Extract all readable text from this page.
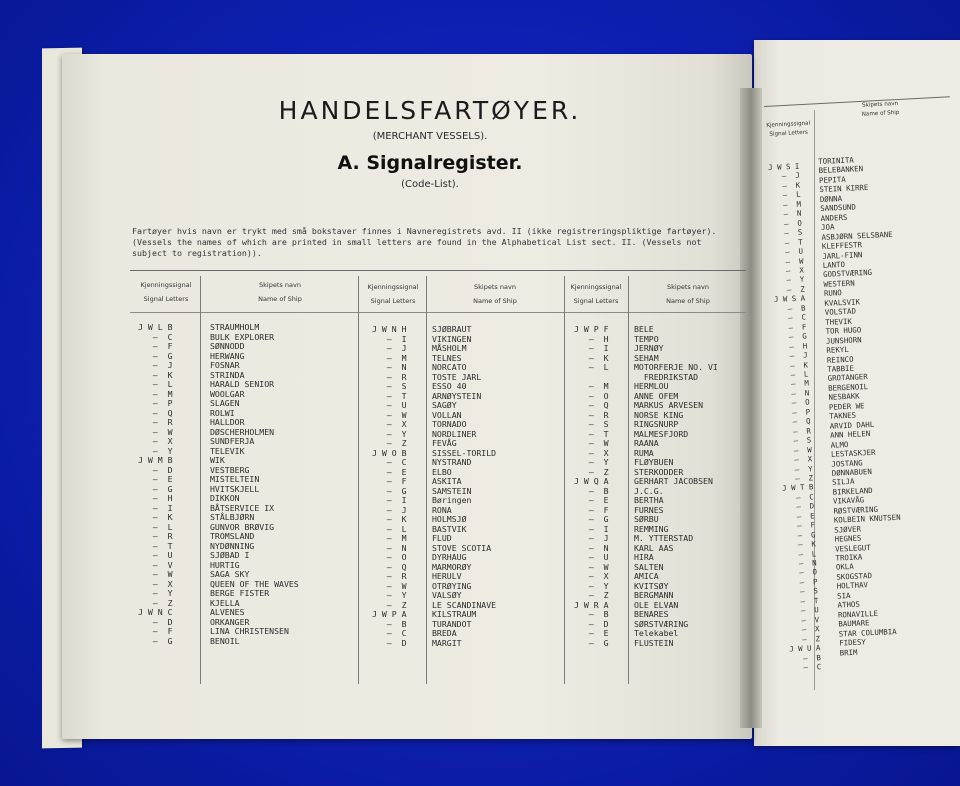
HANDELSFARTØYER.
(MERCHANT VESSELS).
A. Signalregister.
(Code-List).
Fartøyer hvis navn er trykt med små bokstaver finnes i Navneregistrets avd. II (ikke registreringspliktige fartøyer).
(Vessels the names of which are printed in small letters are found in the Alphabetical List sect. II. (Vessels not
subject to registration)).
Kjenningssignal
Signal Letters
Skipets navn
Name of Ship
Kjenningssignal
Signal Letters
Skipets navn
Name of Ship
Kjenningssignal
Signal Letters
Skipets navn
Name of Ship
J W L B
–  C
–  F
–  G
–  J
–  K
–  L
–  M
–  P
–  Q
–  R
–  W
–  X
–  Y
J W M B
–  D
–  E
–  G
–  H
–  I
–  K
–  L
–  R
–  T
–  U
–  V
–  W
–  X
–  Y
–  Z
J W N C
–  D
–  F
–  G
STRAUMHOLM
BULK EXPLORER
SØNNODD
HERWANG
FOSNAR
STRINDA
HARALD SENIOR
WOOLGAR
SLAGEN
ROLWI
HALLDOR
DØSCHERHOLMEN
SUNDFERJA
TELEVIK
WIK
VESTBERG
MISTELTEIN
HVITSKJELL
DIKKON
BÅTSERVICE IX
STÅLBJØRN
GUNVOR BRØVIG
TROMSLAND
NYDØNNING
SJØBAD I
HURTIG
SAGA SKY
QUEEN OF THE WAVES
BERGE FISTER
KJELLA
ALVENES
ORKANGER
LINA CHRISTENSEN
BENOIL
J W N H
–  I
–  J
–  M
–  N
–  R
–  S
–  T
–  U
–  W
–  X
–  Y
–  Z
J W O B
–  C
–  E
–  F
–  G
–  I
–  J
–  K
–  L
–  M
–  N
–  O
–  Q
–  R
–  W
–  Y
–  Z
J W P A
–  B
–  C
–  D
SJØBRAUT
VIKINGEN
MÅSHOLM
TELNES
NORCATO
TOSTE JARL
ESSO 40
ARNØYSTEIN
SAGØY
VOLLAN
TORNADO
NORDLINER
FEVÅG
SISSEL-TORILD
NYSTRAND
ELBO
ASKITA
SAMSTEIN
Børingen
RONA
HOLMSJØ
BASTVIK
FLUD
STOVE SCOTIA
DYRHAUG
MARMORØY
HERULV
OTRØYING
VALSØY
LE SCANDINAVE
KILSTRAUM
TURANDOT
BREDA
MARGIT
J W P F
–  H
–  I
–  K
–  L

–  M
–  O
–  Q
–  R
–  S
–  T
–  W
–  X
–  Y
–  Z
J W Q A
–  B
–  E
–  F
–  G
–  I
–  J
–  N
–  U
–  W
–  X
–  Y
–  Z
J W R A
–  B
–  D
–  E
–  G
BELE
TEMPO
JERNØY
SEHAM
MOTORFERJE NO. VI
FREDRIKSTAD
HERMLOU
ANNE OFEM
MARKUS ARVESEN
NORSE KING
RINGSNURP
MALMESFJORD
RAANA
RUMA
FLØYBUEN
STERKODDER
GERHART JACOBSEN
J.C.G.
BERTHA
FURNES
SØRBU
REMMING
M. YTTERSTAD
KARL AAS
HIRA
SALTEN
AMICA
KVITSØY
BERGMANN
OLE ELVAN
BENARES
SØRSTVÆRING
Telekabel
FLUSTEIN
Kjenningssignal
Signal Letters
Skipets navn
Name of Ship
J W S I
–  J
–  K
–  L
–  M
–  N
–  O
–  S
–  T
–  U
–  W
–  X
–  Y
–  Z
J W S A
–  B
–  C
–  F
–  G
–  H
–  J
–  K
–  L
–  M
–  N
–  O
–  P
–  Q
–  R
–  S
–  W
–  X
–  Y
–  Z
J W T B
–  C
–  D
–  E
–  F
–  G
–  K
–  L
–  N
–  O
–  P
–  S
–  T
–  U
–  V
–  X
–  Z
J W U A
–  B
–  C
TORINITA
BELEBANKEN
PEPITA
STEIN KIRRE
DØNNA
SANDSUND
ANDERS
JOA
ASBJØRN SELSBANE
KLEFFESTR
JARL-FINN
LANTO
GODSTVÆRING
WESTERN
RUNO
KVALSVIK
VOLSTAD
THEVIK
TOR HUGO
JUNSHORN
REKYL
REINCO
TABBIE
GROTANGER
BERGENOIL
NESBAKK
PEDER WE
TAKNES
ARVID DAHL
ANN HELEN
ALMO
LESTASKJER
JOSTANG
DØNNABUEN
SILJA
BIRKELAND
VIKAVÅG
RØSTVÆRING
KOLBEIN KNUTSEN
SJØVER
HEGNES
VESLEGUT
TROIKA
OKLA
SKOGSTAD
HOLTHAV
SIA
ATHOS
RONAVILLE
BAUMARE
STAR COLUMBIA
FIDESY
BRIM
